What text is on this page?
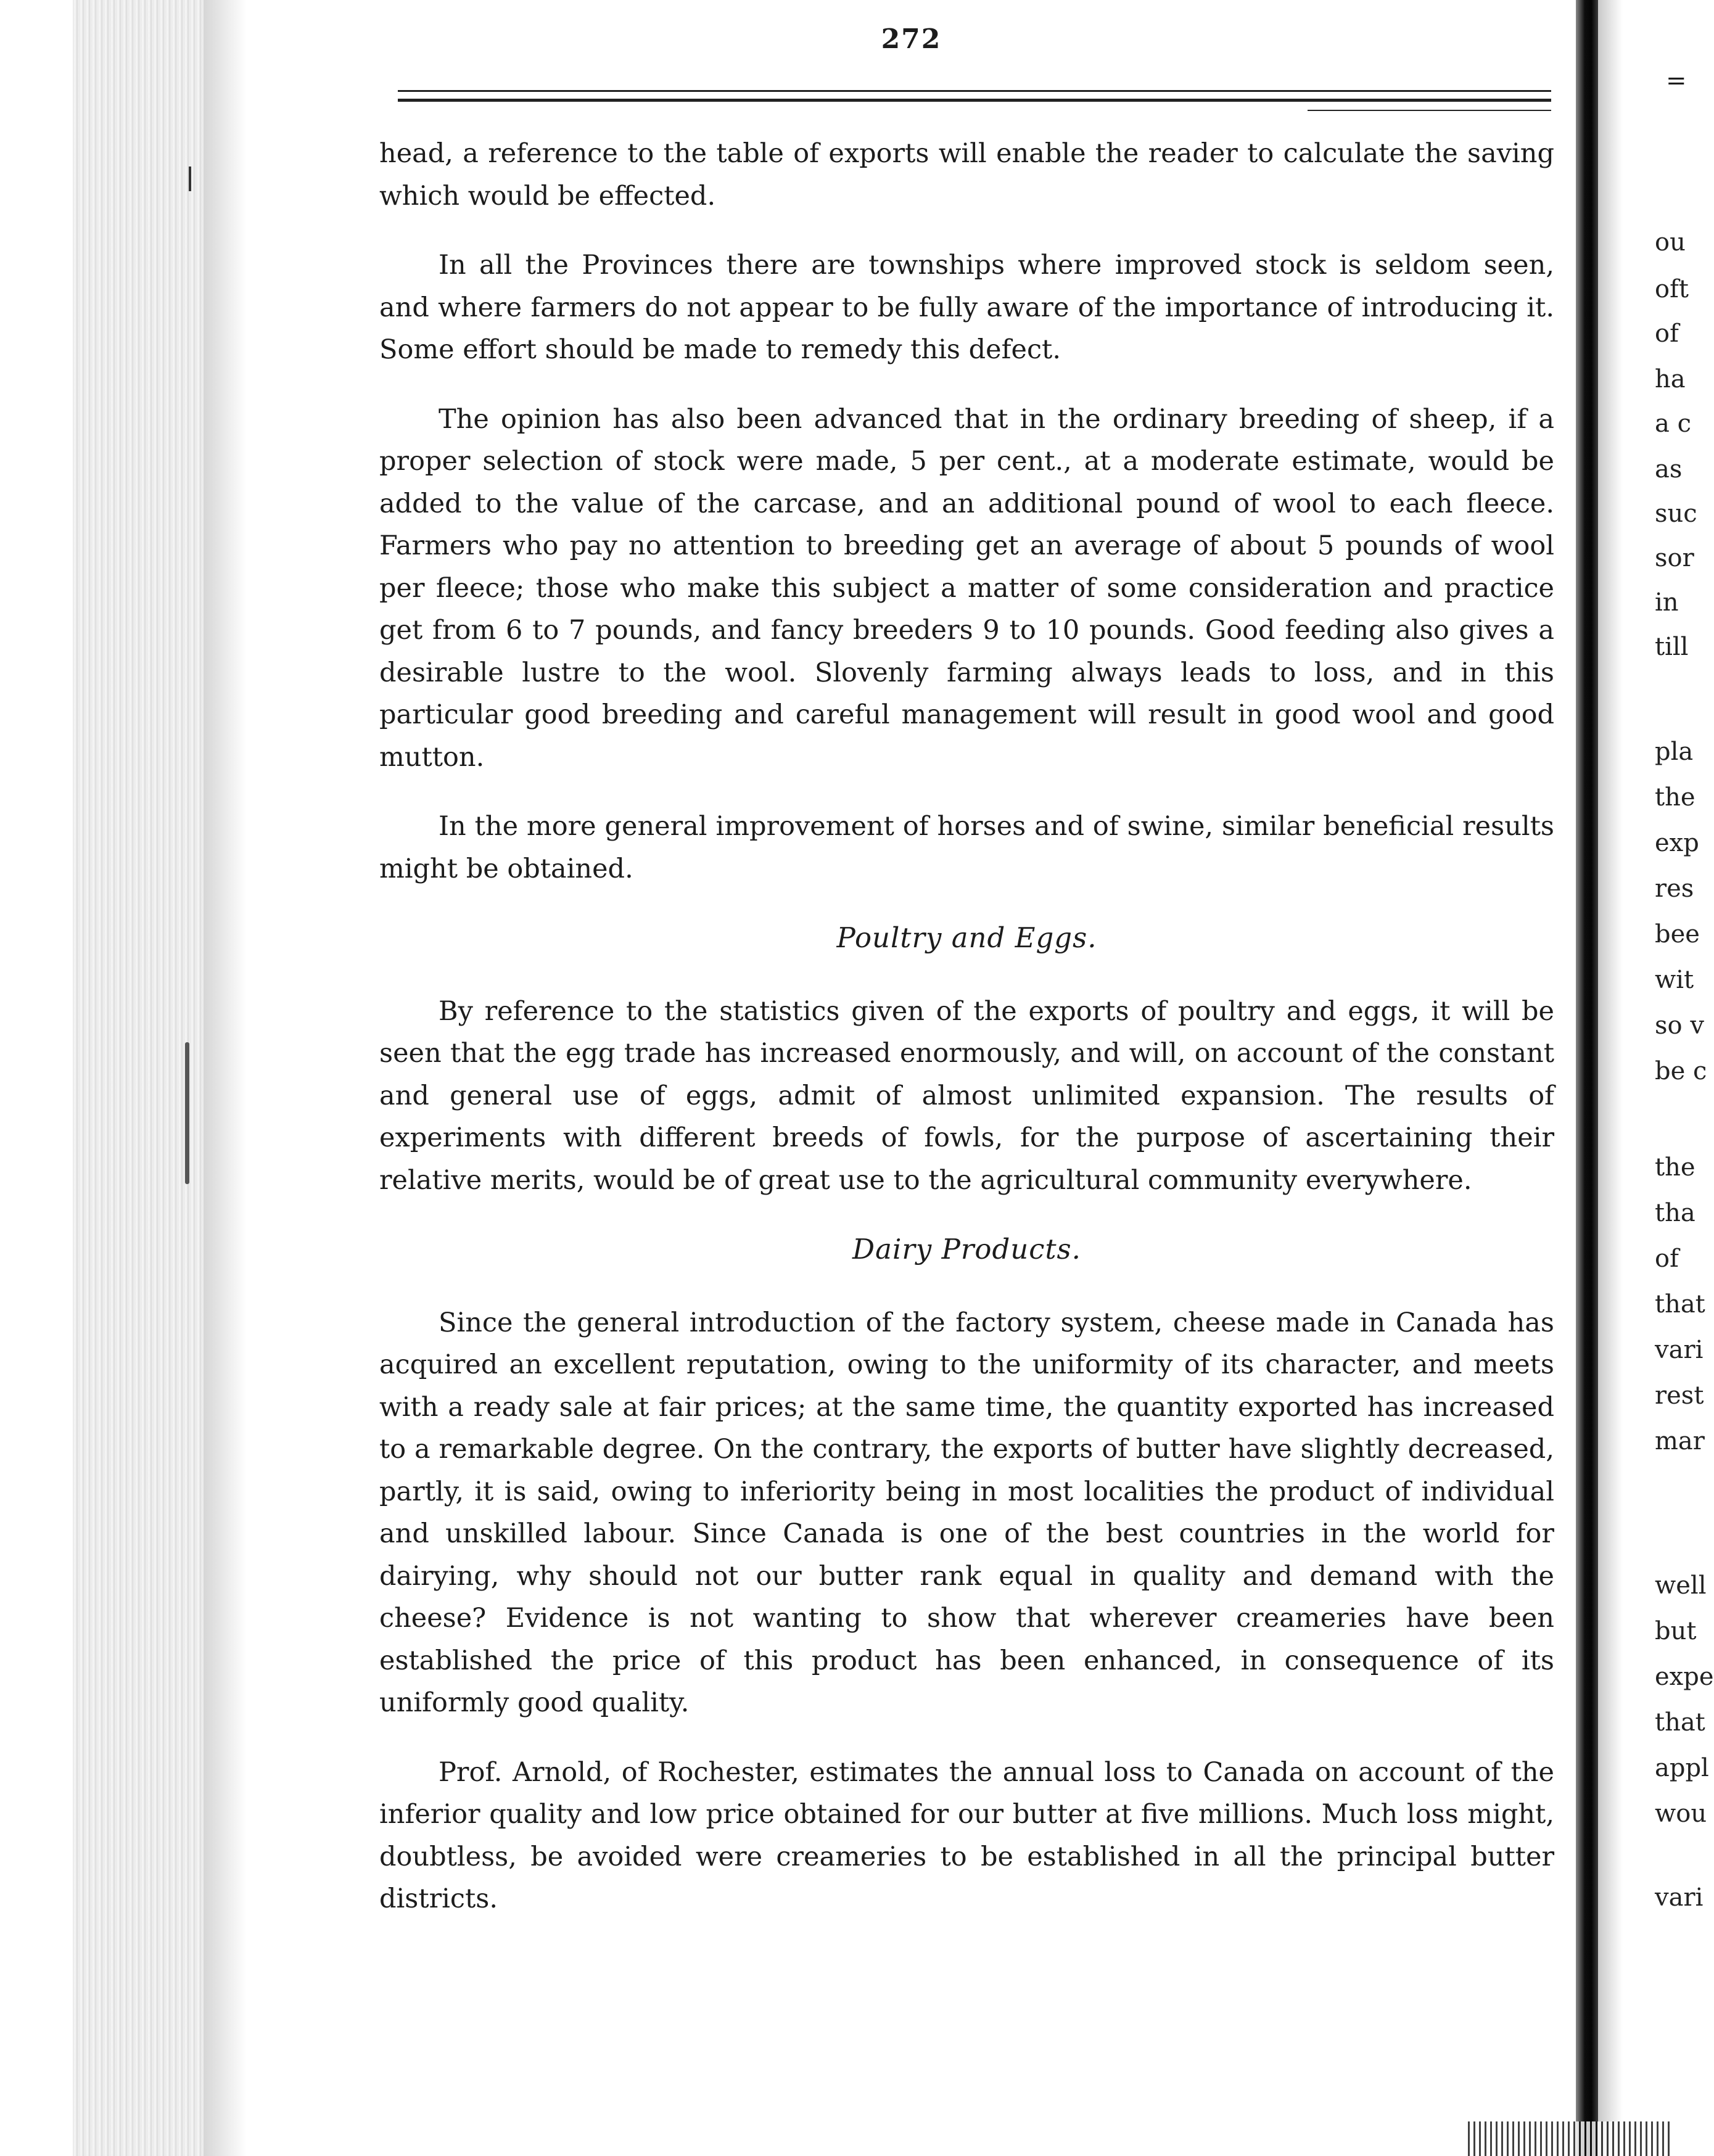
272

head, a reference to the table of exports will enable the reader to calculate the saving which would be effected.

In all the Provinces there are townships where improved stock is seldom seen, and where farmers do not appear to be fully aware of the importance of introducing it. Some effort should be made to remedy this defect.

The opinion has also been advanced that in the ordinary breeding of sheep, if a proper selection of stock were made, 5 per cent., at a moderate estimate, would be added to the value of the carcase, and an additional pound of wool to each fleece. Farmers who pay no attention to breeding get an average of about 5 pounds of wool per fleece; those who make this subject a matter of some consideration and practice get from 6 to 7 pounds, and fancy breeders 9 to 10 pounds. Good feeding also gives a desirable lustre to the wool. Slovenly farming always leads to loss, and in this particular good breeding and careful management will result in good wool and good mutton.

In the more general improvement of horses and of swine, similar beneficial results might be obtained.

Poultry and Eggs.

By reference to the statistics given of the exports of poultry and eggs, it will be seen that the egg trade has increased enormously, and will, on account of the constant and general use of eggs, admit of almost unlimited expansion. The results of experiments with different breeds of fowls, for the purpose of ascertaining their relative merits, would be of great use to the agricultural community everywhere.

Dairy Products.

Since the general introduction of the factory system, cheese made in Canada has acquired an excellent reputation, owing to the uniformity of its character, and meets with a ready sale at fair prices; at the same time, the quantity exported has increased to a remarkable degree. On the contrary, the exports of butter have slightly decreased, partly, it is said, owing to inferiority being in most localities the product of individual and unskilled labour. Since Canada is one of the best countries in the world for dairying, why should not our butter rank equal in quality and demand with the cheese? Evidence is not wanting to show that wherever creameries have been established the price of this product has been enhanced, in consequence of its uniformly good quality.

Prof. Arnold, of Rochester, estimates the annual loss to Canada on account of the inferior quality and low price obtained for our butter at five millions. Much loss might, doubtless, be avoided were creameries to be established in all the principal butter districts.

=
ou
oft
of
ha
a c
as
suc
sor
in
till
pla
the
exp
res
bee
wit
so v
be c
the
tha
of
that
vari
rest
mar
well
but
expe
that
appl
wou
vari
